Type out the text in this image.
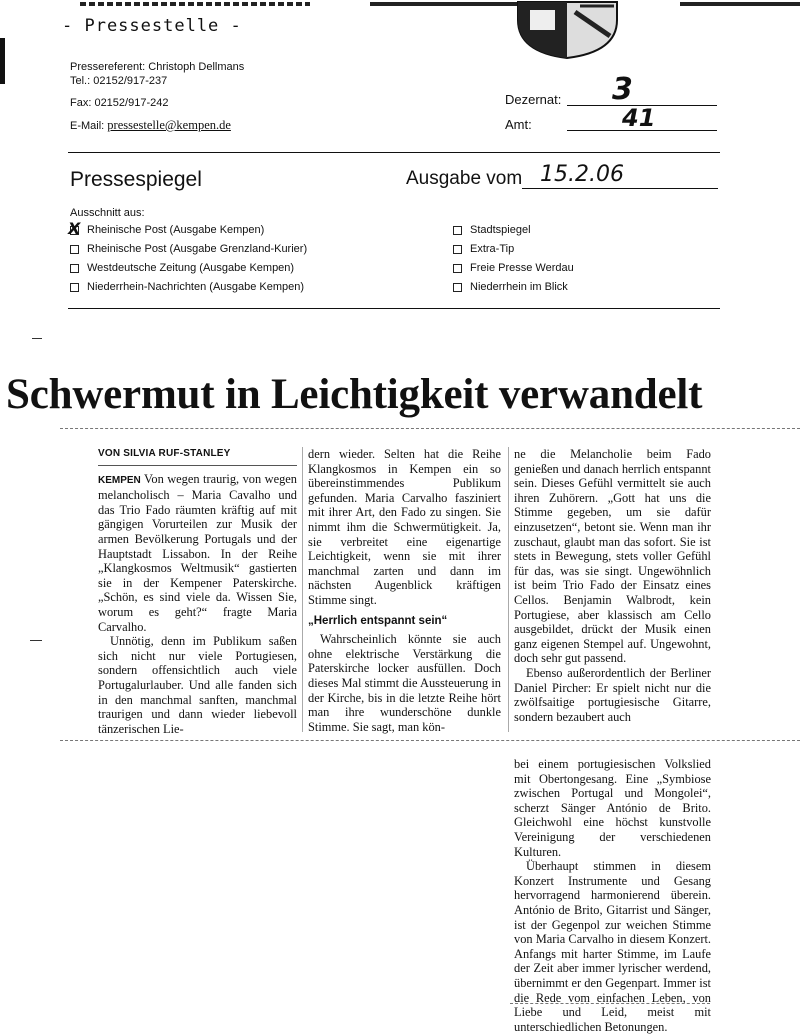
- Pressestelle -
Pressereferent: Christoph Dellmans
Tel.: 02152/917-237
Fax: 02152/917-242
E-Mail: pressestelle@kempen.de
Dezernat: 3
Amt:	41
Pressespiegel	Ausgabe vom 15.2.06
Ausschnitt aus:
X
Rheinische Post (Ausgabe Kempen)
Rheinische Post (Ausgabe Grenzland-Kurier)
Westdeutsche Zeitung (Ausgabe Kempen)
Niederrhein-Nachrichten (Ausgabe Kempen)
Stadtspiegel
Extra-Tip
Freie Presse Werdau
Niederrhein im Blick
Schwermut in Leichtigkeit verwandelt

VON SILVIA RUF-STANLEY

KEMPEN Von wegen traurig, von wegen melancholisch – Maria Cavalho und das Trio Fado räumten kräftig auf mit gängigen Vorurteilen zur Musik der armen Bevölkerung Portugals und der Hauptstadt Lissabon. In der Reihe „Klangkosmos Weltmusik“ gastierten sie in der Kempener Paterskirche. „Schön, es sind viele da. Wissen Sie, worum es geht?“ fragte Maria Carvalho.

Unnötig, denn im Publikum saßen sich nicht nur viele Portugiesen, sondern offensichtlich auch viele Portugalurlauber. Und alle fanden sich in den manchmal sanften, manchmal traurigen und dann wieder liebevoll tänzerischen Lie-

dern wieder. Selten hat die Reihe Klangkosmos in Kempen ein so übereinstimmendes Publikum gefunden. Maria Carvalho fasziniert mit ihrer Art, den Fado zu singen. Sie nimmt ihm die Schwermütigkeit. Ja, sie verbreitet eine eigenartige Leichtigkeit, wenn sie mit ihrer manchmal zarten und dann im nächsten Augenblick kräftigen Stimme singt.

„Herrlich entspannt sein“

Wahrscheinlich könnte sie auch ohne elektrische Verstärkung die Paterskirche locker ausfüllen. Doch dieses Mal stimmt die Aussteuerung in der Kirche, bis in die letzte Reihe hört man ihre wunderschöne dunkle Stimme. Sie sagt, man kön-

ne die Melancholie beim Fado genießen und danach herrlich entspannt sein. Dieses Gefühl vermittelt sie auch ihren Zuhörern. „Gott hat uns die Stimme gegeben, um sie dafür einzusetzen“, betont sie. Wenn man ihr zuschaut, glaubt man das sofort. Sie ist stets in Bewegung, stets voller Gefühl für das, was sie singt. Ungewöhnlich ist beim Trio Fado der Einsatz eines Cellos. Benjamin Walbrodt, kein Portugiese, aber klassisch am Cello ausgebildet, drückt der Musik einen ganz eigenen Stempel auf. Ungewohnt, doch sehr gut passend.

Ebenso außerordentlich der Berliner Daniel Pircher: Er spielt nicht nur die zwölfsaitige portugiesische Gitarre, sondern bezaubert auch

bei einem portugiesischen Volkslied mit Obertongesang. Eine „Symbiose zwischen Portugal und Mongolei“, scherzt Sänger António de Brito. Gleichwohl eine höchst kunstvolle Vereinigung der verschiedenen Kulturen.

Überhaupt stimmen in diesem Konzert Instrumente und Gesang hervorragend harmonierend überein. António de Brito, Gitarrist und Sänger, ist der Gegenpol zur weichen Stimme von Maria Carvalho in diesem Konzert. Anfangs mit harter Stimme, im Laufe der Zeit aber immer lyrischer werdend, übernimmt er den Gegenpart. Immer ist die Rede vom einfachen Leben, von Liebe und Leid, meist mit unterschiedlichen Betonungen.
